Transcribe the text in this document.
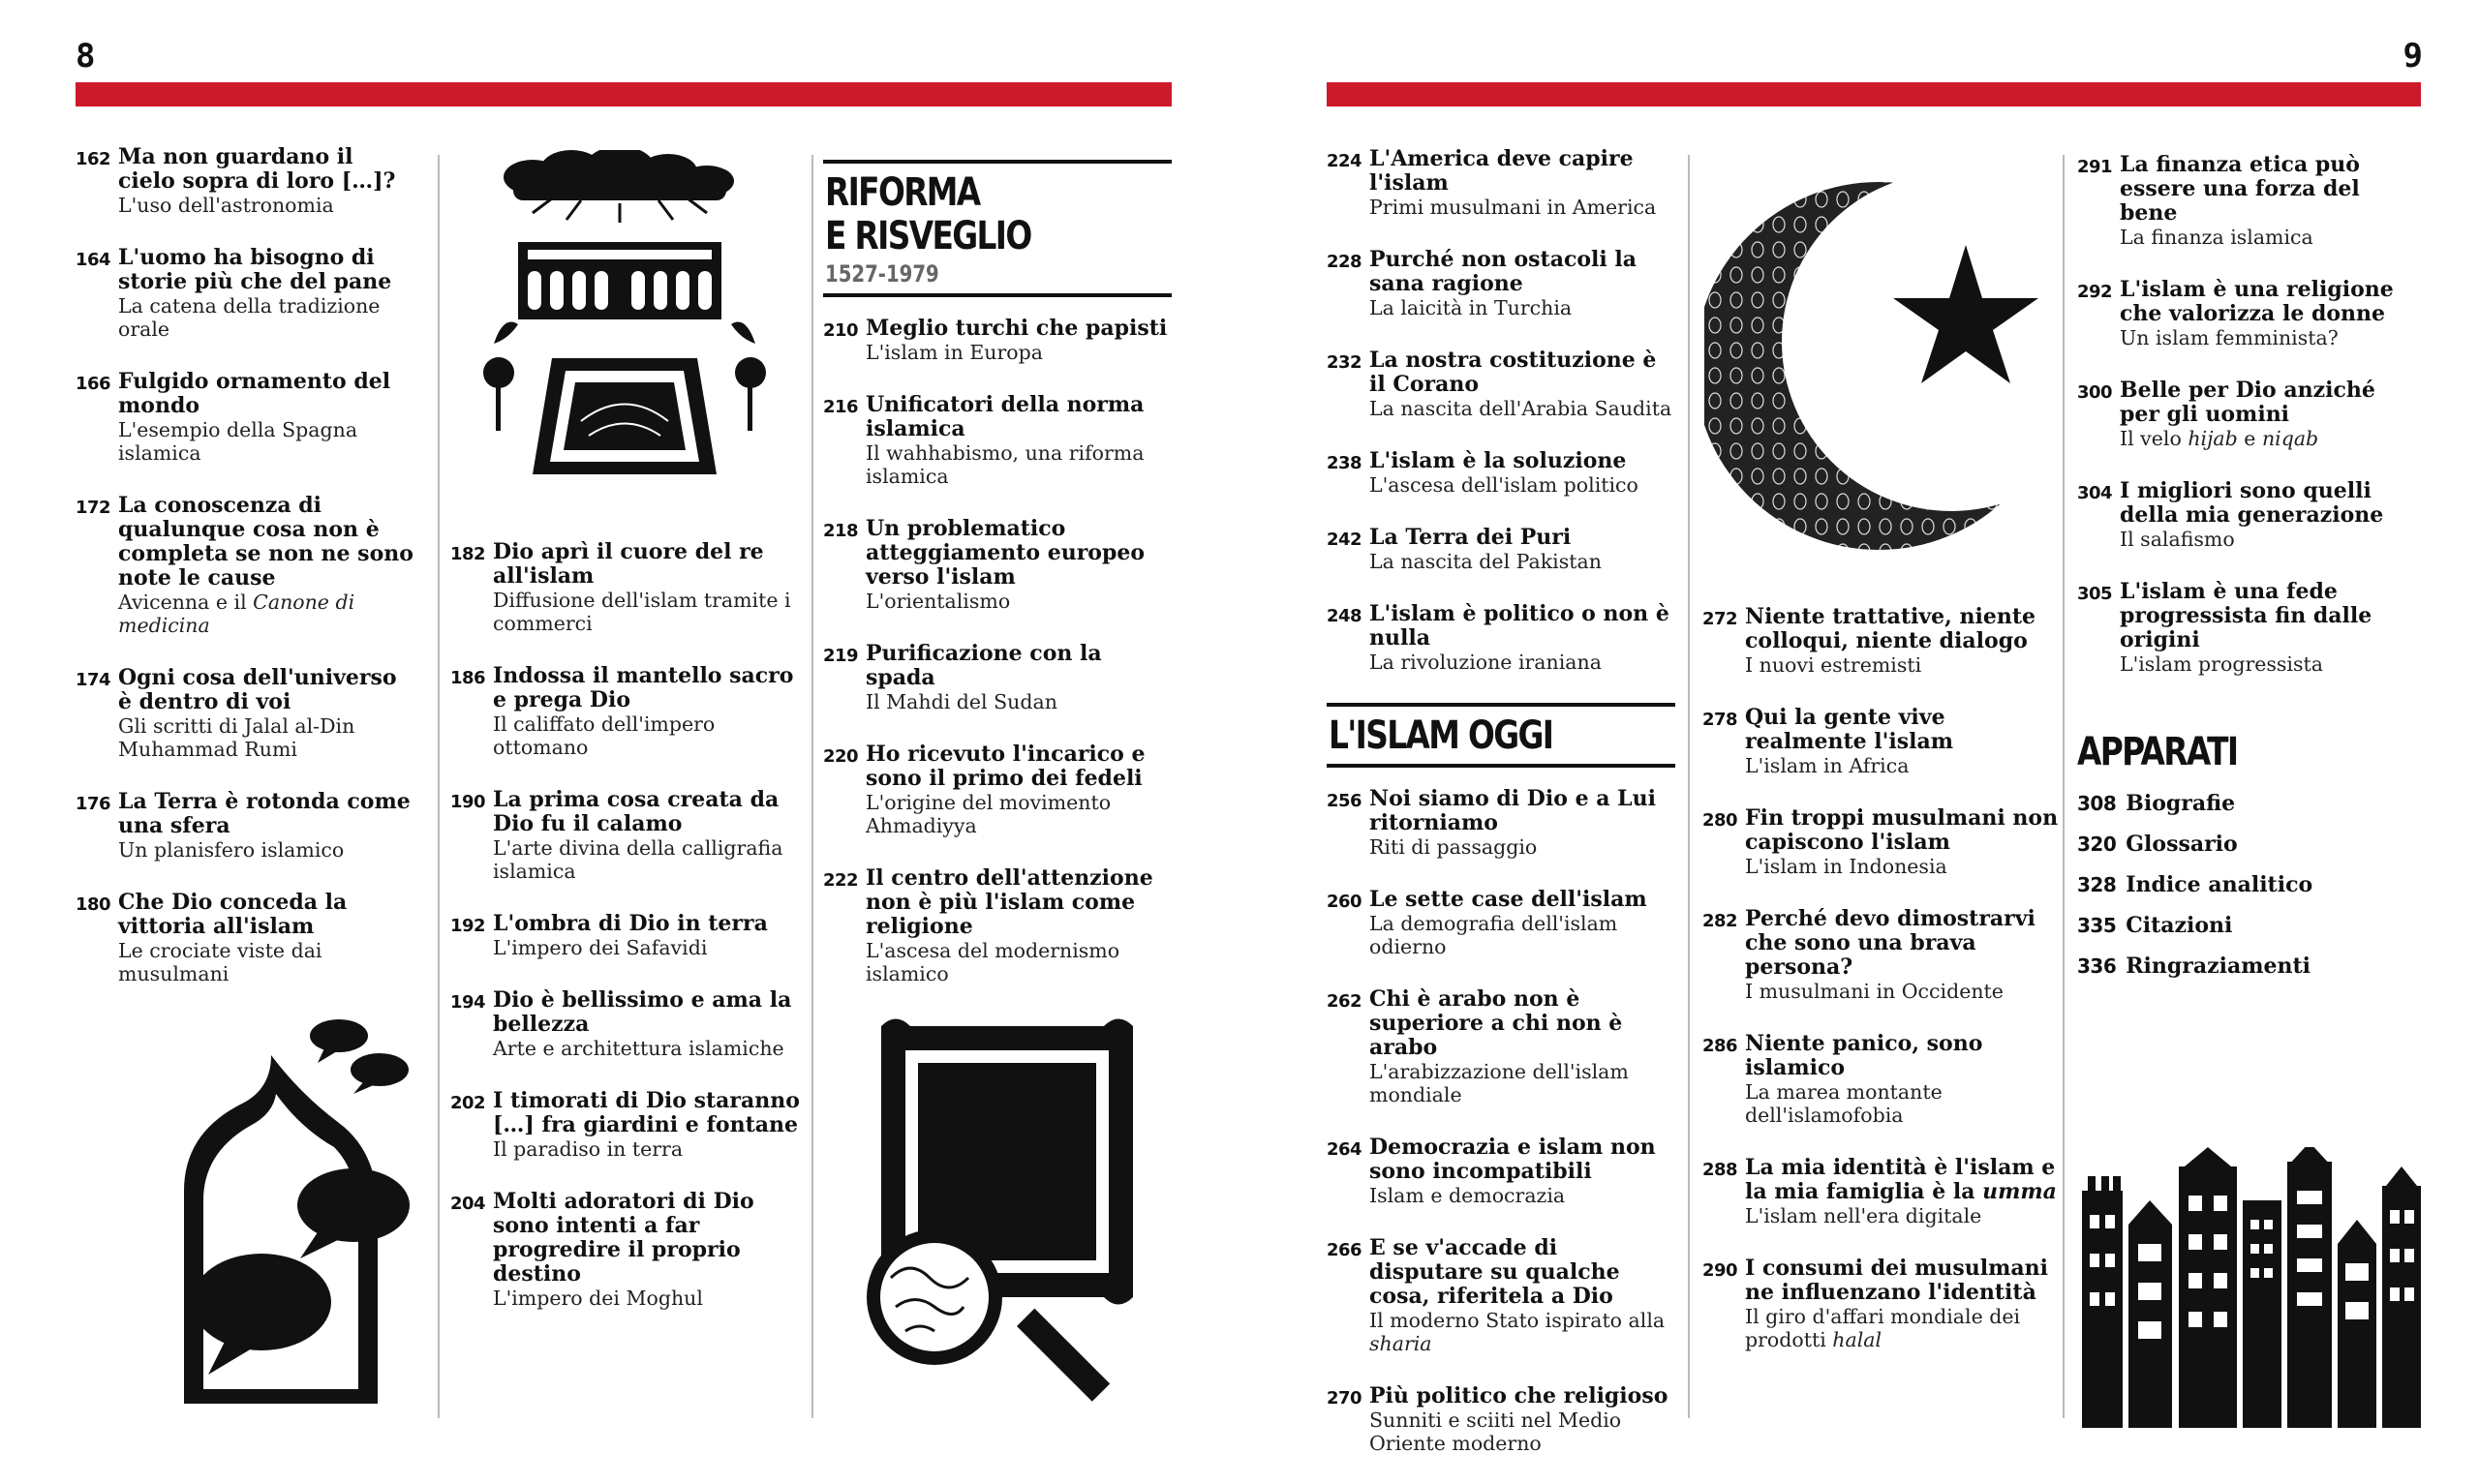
8	9
162 Ma non guardano il cielo sopra di loro […]?
L'uso dell'astronomia
164 L'uomo ha bisogno di storie più che del pane
La catena della tradizione orale
166 Fulgido ornamento del mondo
L'esempio della Spagna islamica
172 La conoscenza di qualunque cosa non è completa se non ne sono note le cause
Avicenna e il Canone di medicina
174 Ogni cosa dell'universo è dentro di voi
Gli scritti di Jalal al-Din Muhammad Rumi
176 La Terra è rotonda come una sfera
Un planisfero islamico
180 Che Dio conceda la vittoria all'islam
Le crociate viste dai musulmani
182 Dio aprì il cuore del re all'islam
Diffusione dell'islam tramite i commerci
186 Indossa il mantello sacro e prega Dio
Il califfato dell'impero ottomano
190 La prima cosa creata da Dio fu il calamo
L'arte divina della calligrafia islamica
192 L'ombra di Dio in terra
L'impero dei Safavidi
194 Dio è bellissimo e ama la bellezza
Arte e architettura islamiche
202 I timorati di Dio staranno […] fra giardini e fontane
Il paradiso in terra
204 Molti adoratori di Dio sono intenti a far progredire il proprio destino
L'impero dei Moghul
RIFORMA
E RISVEGLIO
1527-1979
210 Meglio turchi che papisti
L'islam in Europa
216 Unificatori della norma islamica
Il wahhabismo, una riforma islamica
218 Un problematico atteggiamento europeo verso l'islam
L'orientalismo
219 Purificazione con la spada
Il Mahdi del Sudan
220 Ho ricevuto l'incarico e sono il primo dei fedeli
L'origine del movimento Ahmadiyya
222 Il centro dell'attenzione non è più l'islam come religione
L'ascesa del modernismo islamico
224 L'America deve capire l'islam
Primi musulmani in America
228 Purché non ostacoli la sana ragione
La laicità in Turchia
232 La nostra costituzione è il Corano
La nascita dell'Arabia Saudita
238 L'islam è la soluzione
L'ascesa dell'islam politico
242 La Terra dei Puri
La nascita del Pakistan
248 L'islam è politico o non è nulla
La rivoluzione iraniana
L'ISLAM OGGI
256 Noi siamo di Dio e a Lui ritorniamo
Riti di passaggio
260 Le sette case dell'islam
La demografia dell'islam odierno
262 Chi è arabo non è superiore a chi non è arabo
L'arabizzazione dell'islam mondiale
264 Democrazia e islam non sono incompatibili
Islam e democrazia
266 E se v'accade di disputare su qualche cosa, riferitela a Dio
Il moderno Stato ispirato alla sharia
270 Più politico che religioso
Sunniti e sciiti nel Medio Oriente moderno
272 Niente trattative, niente colloqui, niente dialogo
I nuovi estremisti
278 Qui la gente vive realmente l'islam
L'islam in Africa
280 Fin troppi musulmani non capiscono l'islam
L'islam in Indonesia
282 Perché devo dimostrarvi che sono una brava persona?
I musulmani in Occidente
286 Niente panico, sono islamico
La marea montante dell'islamofobia
288 La mia identità è l'islam e la mia famiglia è la umma
L'islam nell'era digitale
290 I consumi dei musulmani ne influenzano l'identità
Il giro d'affari mondiale dei prodotti halal
291 La finanza etica può essere una forza del bene
La finanza islamica
292 L'islam è una religione che valorizza le donne
Un islam femminista?
300 Belle per Dio anziché per gli uomini
Il velo hijab e niqab
304 I migliori sono quelli della mia generazione
Il salafismo
305 L'islam è una fede progressista fin dalle origini
L'islam progressista
APPARATI
308 Biografie
320 Glossario
328 Indice analitico
335 Citazioni
336 Ringraziamenti
